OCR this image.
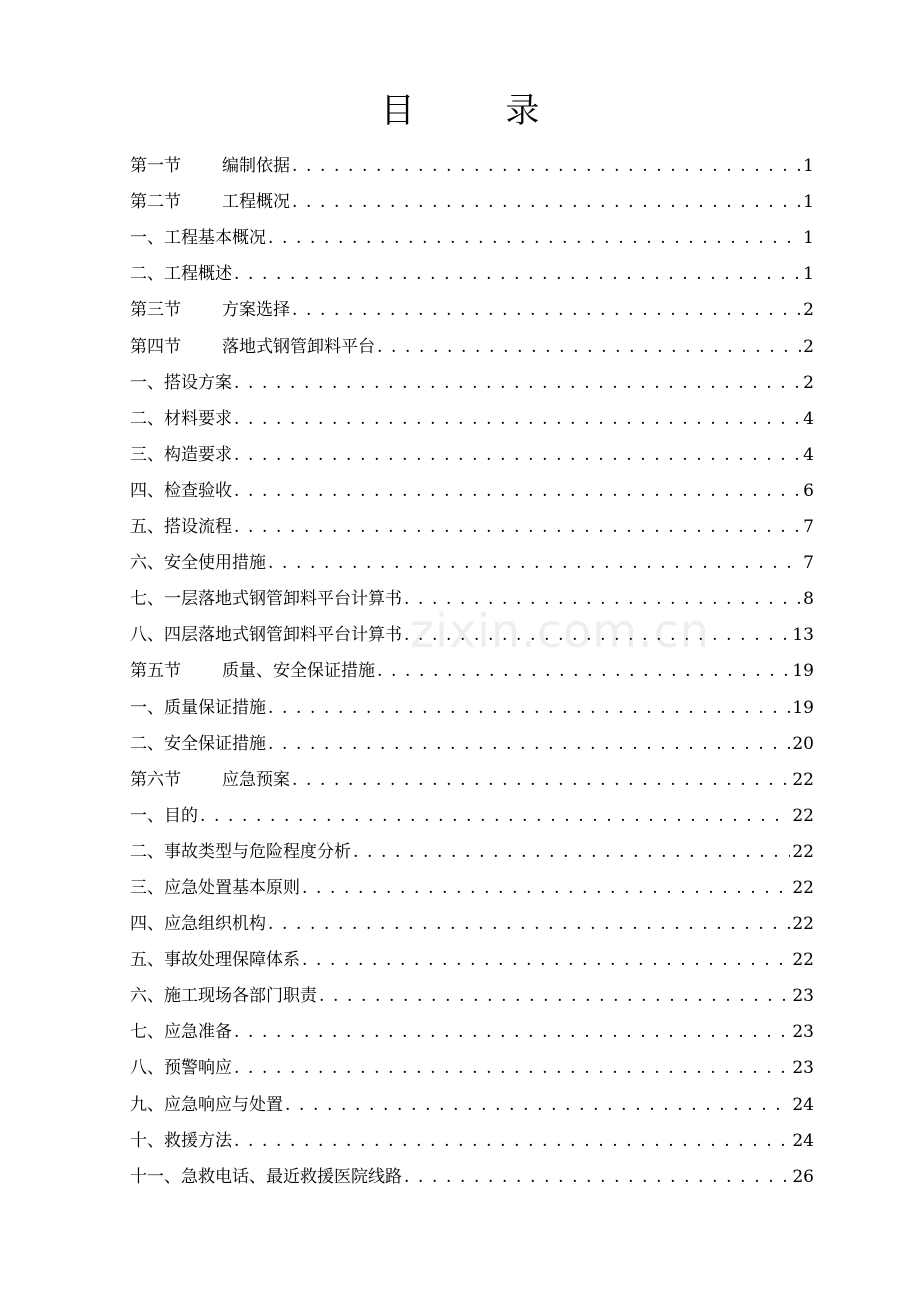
目 录
第一节 编制依据 . . .	1
第二节 工程概况 . . .	1
一、工程基本概况 . . .	1
二、工程概述 . . .	1
第三节 方案选择 . . .	2
第四节 落地式钢管卸料平台 . . .	2
一、搭设方案 . . .	2
二、材料要求 . . .	4
三、构造要求 . . .	4
四、检查验收 . . .	6
五、搭设流程 . . .	7
六、安全使用措施 . . .	7
七、一层落地式钢管卸料平台计算书 . . .	8
八、四层落地式钢管卸料平台计算书 . . .	13
第五节 质量、安全保证措施 . . .	19
一、质量保证措施 . . .	19
二、安全保证措施 . . .	20
第六节 应急预案 . . .	22
一、目的 . . .	22
二、事故类型与危险程度分析 . . .	22
三、应急处置基本原则 . . .	22
四、应急组织机构 . . .	22
五、事故处理保障体系 . . .	22
六、施工现场各部门职责 . . .	23
七、应急准备 . . .	23
八、预警响应 . . .	23
九、应急响应与处置 . . .	24
十、救援方法 . . .	24
十一、急救电话、最近救援医院线路 . . .	26
zixin.com.cn
